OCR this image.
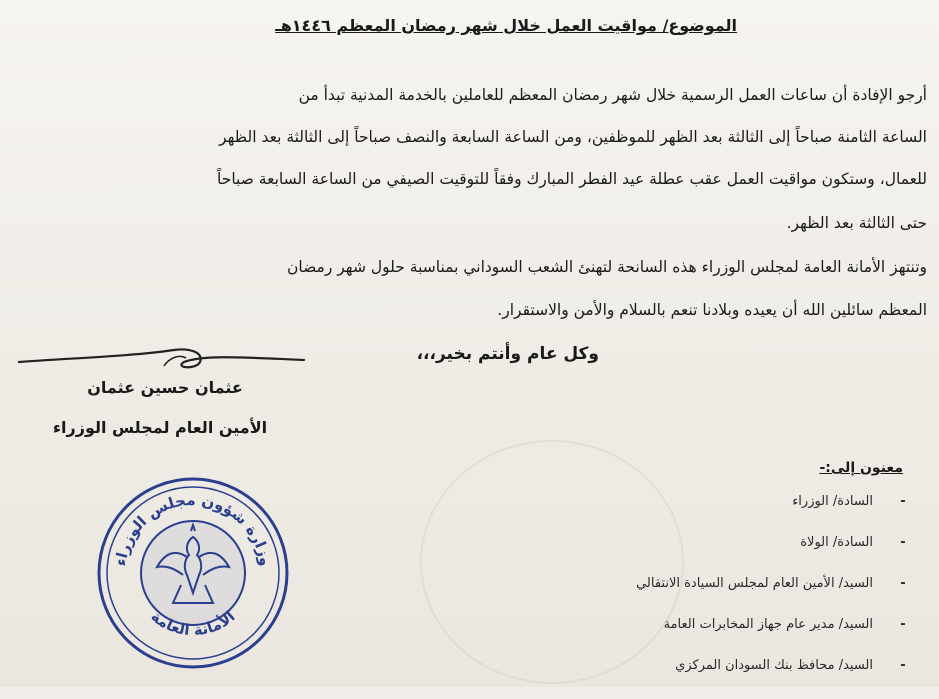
الموضوع/ مواقيت العمل خلال شهر رمضان المعظم ١٤٤٦هـ
أرجو الإفادة أن ساعات العمل الرسمية خلال شهر رمضان المعظم للعاملين بالخدمة المدنية تبدأ من
الساعة الثامنة صباحاً إلى الثالثة بعد الظهر للموظفين، ومن الساعة السابعة والنصف صباحاً إلى الثالثة بعد الظهر
للعمال، وستكون مواقيت العمل عقب عطلة عيد الفطر المبارك وفقاً للتوقيت الصيفي من الساعة السابعة صباحاً
حتى الثالثة بعد الظهر.
وتنتهز الأمانة العامة لمجلس الوزراء هذه السانحة لتهنئ الشعب السوداني بمناسبة حلول شهر رمضان
المعظم سائلين الله أن يعيده وبلادنا تنعم بالسلام والأمن والاستقرار.
وكل عام وأنتم بخير،،،
عثمان حسين عثمان
الأمين العام لمجلس الوزراء
وزارة شؤون مجلس الوزراء
الأمانة العامة
معنون إلى:-
-
السادة/ الوزراء
-
السادة/ الولاة
-
السيد/ الأمين العام لمجلس السيادة الانتقالي
-
السيد/ مدير عام جهاز المخابرات العامة
-
السيد/ محافظ بنك السودان المركزي
